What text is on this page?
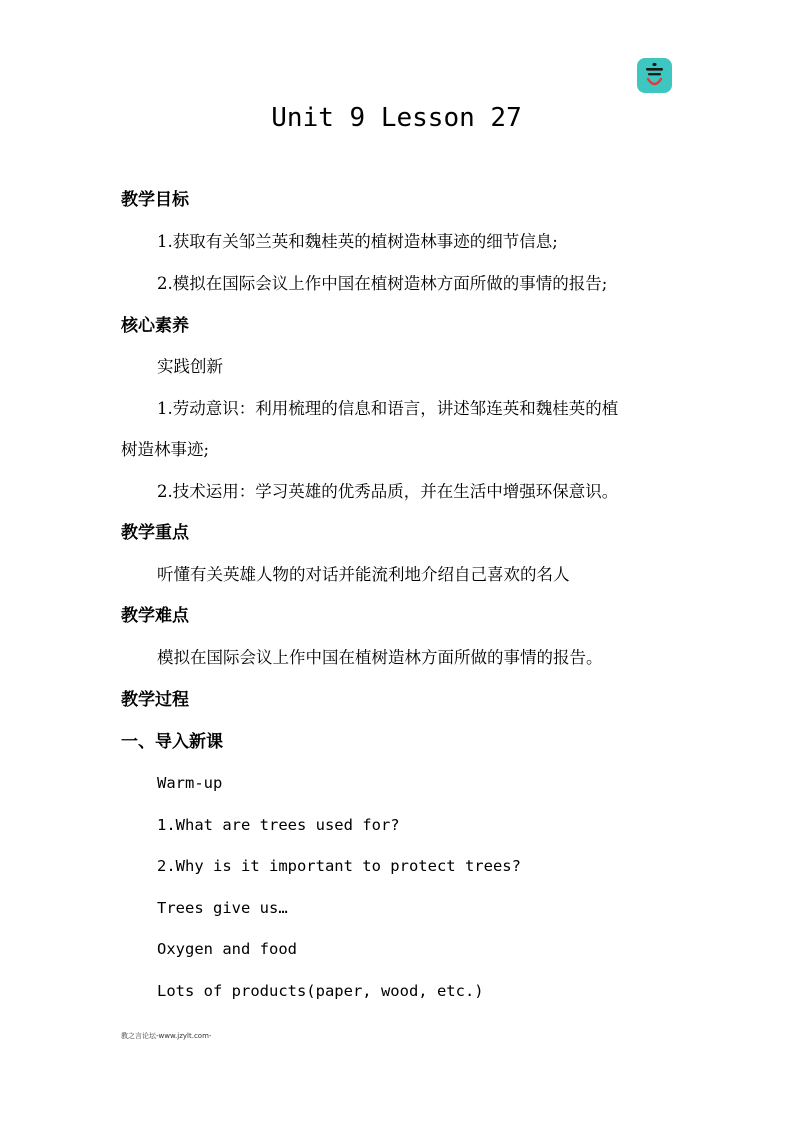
Unit 9 Lesson 27
教学目标
1.获取有关邹兰英和魏桂英的植树造林事迹的细节信息;
2.模拟在国际会议上作中国在植树造林方面所做的事情的报告;
核心素养
实践创新
1.劳动意识：利用梳理的信息和语言，讲述邹连英和魏桂英的植
树造林事迹;
2.技术运用：学习英雄的优秀品质，并在生活中增强环保意识。
教学重点
听懂有关英雄人物的对话并能流利地介绍自己喜欢的名人
教学难点
模拟在国际会议上作中国在植树造林方面所做的事情的报告。
教学过程
一、导入新课
Warm-up
1.What are trees used for?
2.Why is it important to protect trees?
Trees give us…
Oxygen and food
Lots of products(paper, wood, etc.)
教之言论坛-www.jzylt.com-
